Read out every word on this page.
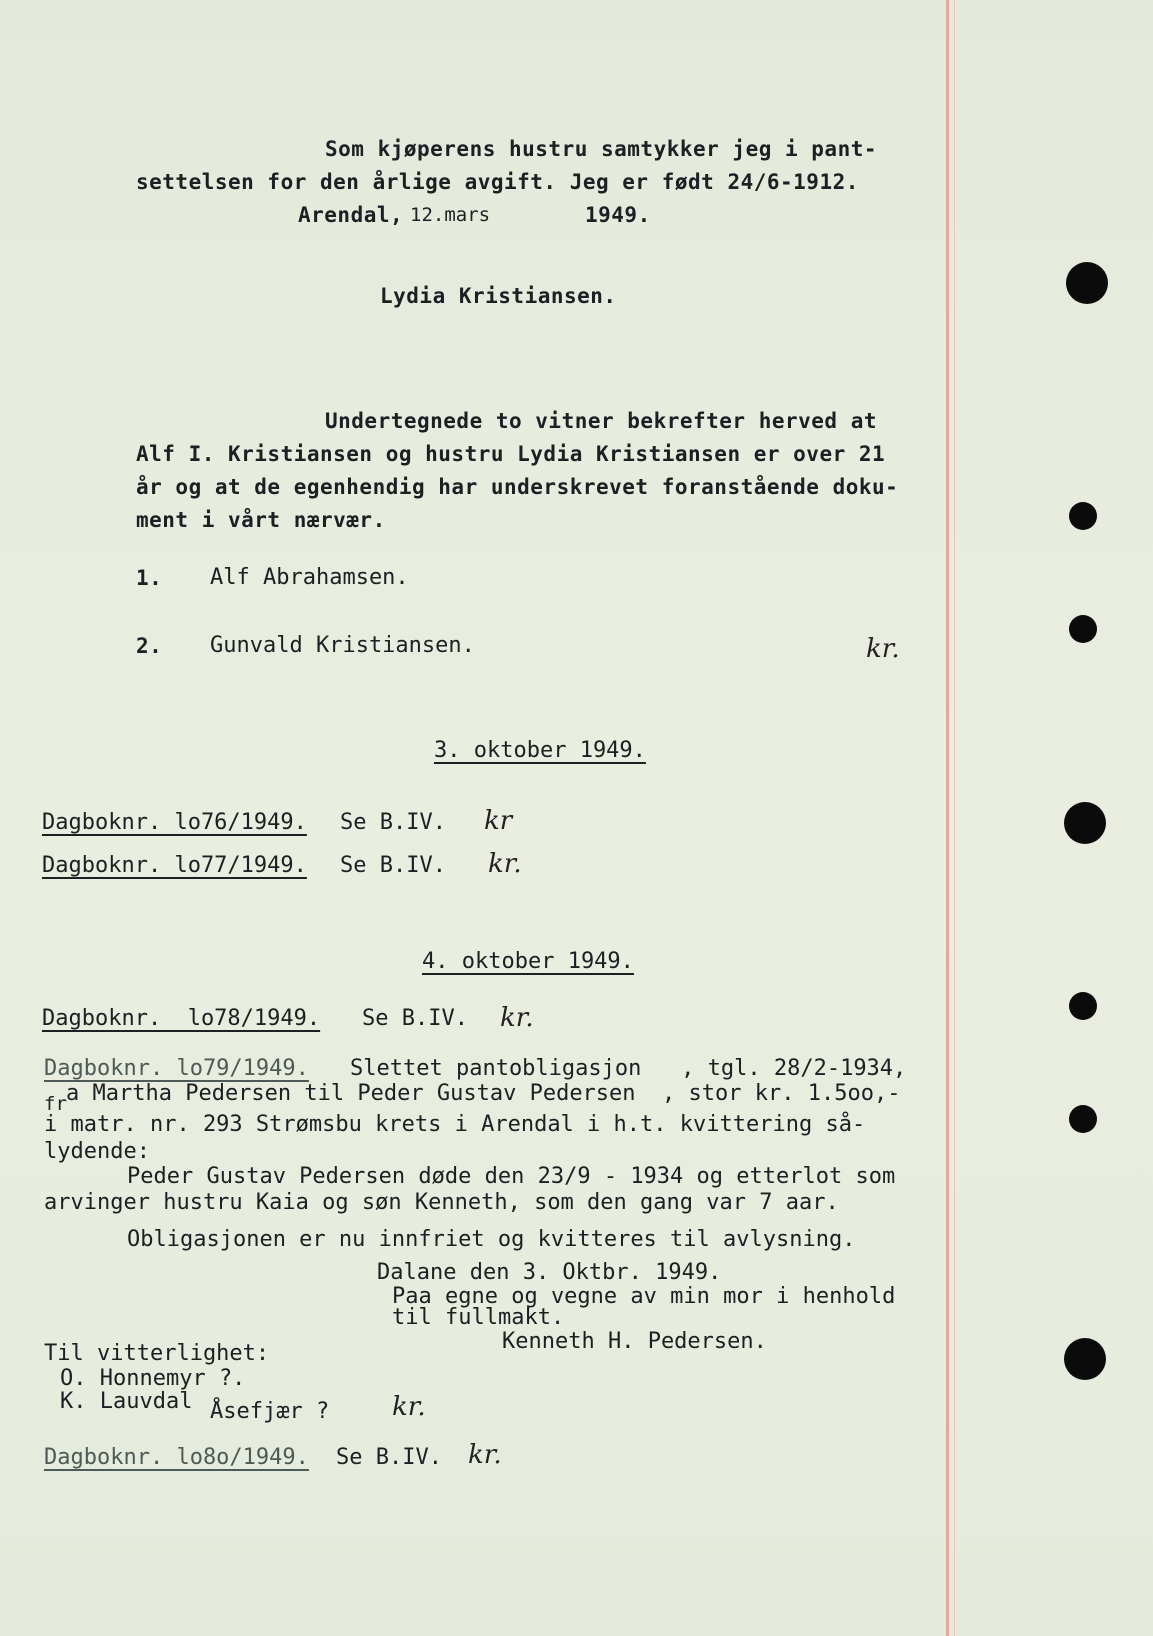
Som kjøperens hustru samtykker jeg i pant-
settelsen for den årlige avgift. Jeg er født 24/6-1912.
Arendal, 12.mars	1949.
Lydia Kristiansen.
Undertegnede to vitner bekrefter herved at
Alf I. Kristiansen og hustru Lydia Kristiansen er over 21
år og at de egenhendig har underskrevet foranstående doku-
ment i vårt nærvær.
1. Alf Abrahamsen.
2. Gunvald Kristiansen.	kr.
3. oktober 1949.
Dagboknr. lo76/1949. Se B.IV. kr
Dagboknr. lo77/1949. Se B.IV. kr.
4. oktober 1949.
Dagboknr.  lo78/1949. Se B.IV. kr.
Dagboknr. lo79/1949. Slettet pantobligasjon   , tgl. 28/2-1934,
fr a Martha Pedersen til Peder Gustav Pedersen  , stor kr. 1.5oo,-
i matr. nr. 293 Strømsbu krets i Arendal i h.t. kvittering så-
lydende:
Peder Gustav Pedersen døde den 23/9 - 1934 og etterlot som
arvinger hustru Kaia og søn Kenneth, som den gang var 7 aar.
Obligasjonen er nu innfriet og kvitteres til avlysning.
Dalane den 3. Oktbr. 1949.
Paa egne og vegne av min mor i henhold
til fullmakt.
Kenneth H. Pedersen.
Til vitterlighet:
O. Honnemyr ?.
K. Lauvdal Åsefjær ? kr.
Dagboknr. lo8o/1949. Se B.IV. kr.
